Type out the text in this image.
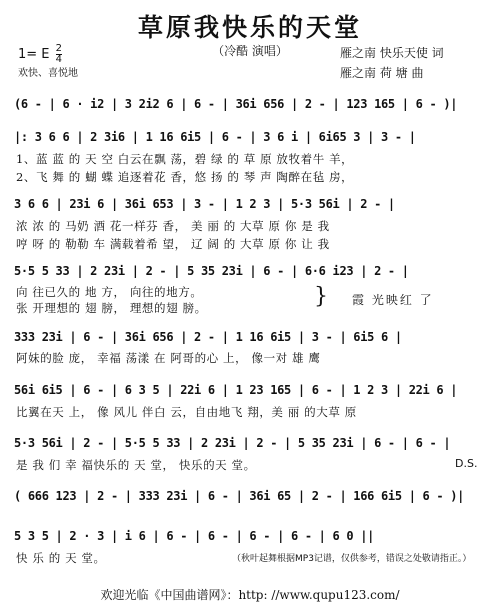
草原我快乐的天堂
（冷酷 演唱）
1= E $\frac{2}{4}$
欢快、喜悦地
雁之南 快乐天使 词
雁之南 荷 塘 曲
(6 - | 6 · i2 | 3 2i2 6 | 6 - | 36i 656 | 2 - | 123 165 | 6 - )|
|: 3 6 6 | 2 3i6 | 1 16 6i5 | 6 - | 3 6 i | 6i65 3 | 3 - |
1、蓝 蓝 的 天 空 白云在飘 荡，碧 绿 的 草 原 放牧着牛 羊，
2、飞 舞 的 蝴 蝶 追逐着花 香，悠 扬 的 琴 声 陶醉在毡 房，
3 6 6 | 23i 6 | 36i 653 | 3 - | 1 2 3 | 5·3 56i | 2 - |
浓 浓 的 马奶 酒 花一样芬 香， 美 丽 的 大草 原 你 是 我
哼 呀 的 勒勒 车 满载着希 望， 辽 阔 的 大草 原 你 让 我
5·5 5 33 | 2 23i | 2 - | 5 35 23i | 6 - | 6·6 i23 | 2 - |
向 往已久的 地 方， 向往的地方。
张 开理想的 翅 膀， 理想的翅 膀。	} 霞 光映红 了
333 23i | 6 - | 36i 656 | 2 - | 1 16 6i5 | 3 - | 6i5 6 |
阿妹的脸 庞， 幸福 荡漾 在 阿哥的心 上， 像一对 雄 鹰
56i 6i5 | 6 - | 6 3 5 | 22i 6 | 1 23 165 | 6 - | 1 2 3 | 22i 6 |
比翼在天 上， 像 风儿 伴白 云，自由地飞 翔，美 丽 的大草 原
5·3 56i | 2 - | 5·5 5 33 | 2 23i | 2 - | 5 35 23i | 6 - | 6 - |
是 我 们 幸 福快乐的 天 堂， 快乐的天 堂。	D.S.
( 666 123 | 2 - | 333 23i | 6 - | 36i 65 | 2 - | 166 6i5 | 6 - )|
5 3 5 | 2 · 3 | i 6 | 6 - | 6 - | 6 - | 6 - | 6 0 ||
快 乐 的 天 堂。	（秋叶起舞根据MP3记谱，仅供参考，错误之处敬请指正。）
欢迎光临《中国曲谱网》：http: //www.qupu123.com/
